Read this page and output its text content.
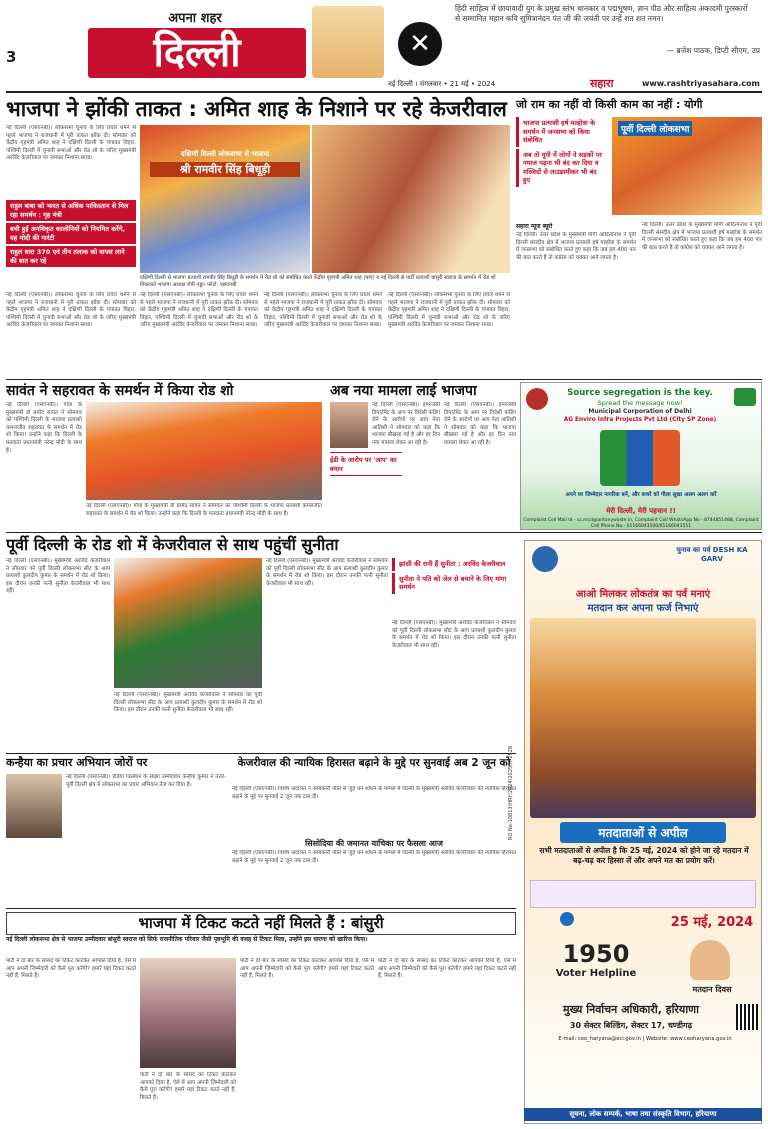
3
अपना शहर
दिल्ली	✕
हिंदी साहित्य में छायावादी युग के प्रमुख स्तंभ थानकार व पद्मभूषण, ज्ञान पीठ और साहित्य अकादमी पुरस्कारों से सम्मानित महान कवि सुमित्रानंदन पंत जी की जयंती पर उन्हें शत शत नमन।
— ब्रजेश पाठक, डिप्टी सीएम, उप्र
नई दिल्ली । मंगलवार • 21 मई • 2024	सहारा	www.rashtriyasahara.com
भाजपा ने झोंकी ताकत : अमित शाह के निशाने पर रहे केजरीवाल
नई दिल्ली (एसएनबी)। लोकसभा चुनाव के लिए प्रचार थमने से पहले भाजपा ने राजधानी में पूरी ताकत झोंक दी। सोमवार को केंद्रीय गृहमंत्री अमित शाह ने दक्षिणी दिल्ली के चंपावत विहार, पश्चिमी दिल्ली में चुनावी सभाओं और रोड शो के जरिए मुख्यमंत्री अरविंद केजरीवाल पर जमकर निशाना साधा।
राहुल बाबा को भारत से अधिक पाकिस्तान से मिल रहा समर्थन : गृह मंत्री
बची हुई अनधिकृत कालोनियों को नियमित करेंगे, यह मोदी की गारंटी
राहुल धारा 370 एवं तीन तलाक को वापस लाने की बात कर रहे
दक्षिणी दिल्ली लोकसभा से भाजपा
श्री रामवीर सिंह बिधूड़ी
दक्षिणी दिल्ली से भाजपा प्रत्याशी रामवीर सिंह बिधूड़ी के समर्थन में रोड शो को संबोधित करते केंद्रीय गृहमंत्री अमित शाह (बाएं) व नई दिल्ली से पार्टी प्रत्याशी बांसुरी स्वराज के समर्थन में रोड शो निकालते भाजपा अध्यक्ष जेपी नड्डा। फोटो: एसएनबी
नई दिल्ली (एसएनबी)। लोकसभा चुनाव के लिए प्रचार थमने से पहले भाजपा ने राजधानी में पूरी ताकत झोंक दी। सोमवार को केंद्रीय गृहमंत्री अमित शाह ने दक्षिणी दिल्ली के चंपावत विहार, पश्चिमी दिल्ली में चुनावी सभाओं और रोड शो के जरिए मुख्यमंत्री अरविंद केजरीवाल पर जमकर निशाना साधा।
नई दिल्ली (एसएनबी)। लोकसभा चुनाव के लिए प्रचार थमने से पहले भाजपा ने राजधानी में पूरी ताकत झोंक दी। सोमवार को केंद्रीय गृहमंत्री अमित शाह ने दक्षिणी दिल्ली के चंपावत विहार, पश्चिमी दिल्ली में चुनावी सभाओं और रोड शो के जरिए मुख्यमंत्री अरविंद केजरीवाल पर जमकर निशाना साधा।
नई दिल्ली (एसएनबी)। लोकसभा चुनाव के लिए प्रचार थमने से पहले भाजपा ने राजधानी में पूरी ताकत झोंक दी। सोमवार को केंद्रीय गृहमंत्री अमित शाह ने दक्षिणी दिल्ली के चंपावत विहार, पश्चिमी दिल्ली में चुनावी सभाओं और रोड शो के जरिए मुख्यमंत्री अरविंद केजरीवाल पर जमकर निशाना साधा।
नई दिल्ली (एसएनबी)। लोकसभा चुनाव के लिए प्रचार थमने से पहले भाजपा ने राजधानी में पूरी ताकत झोंक दी। सोमवार को केंद्रीय गृहमंत्री अमित शाह ने दक्षिणी दिल्ली के चंपावत विहार, पश्चिमी दिल्ली में चुनावी सभाओं और रोड शो के जरिए मुख्यमंत्री अरविंद केजरीवाल पर जमकर निशाना साधा।
जो राम का नहीं वो किसी काम का नहीं : योगी
भाजपा प्रत्याशी हर्ष मल्होत्रा के समर्थन में जनसभा को किया संबोधित
अब तो यूपी में लोगों ने सड़कों पर नमाज पढ़ना भी बंद कर दिया व मस्जिदों से लाउडस्पीकर भी बंद हुए
पूर्वी दिल्ली लोकसभा
सहारा न्यूज ब्यूरो
नई दिल्ली। उत्तर प्रदेश के मुख्यमंत्री योगी आदित्यनाथ ने पूर्वी दिल्ली संसदीय क्षेत्र में भाजपा प्रत्याशी हर्ष मल्होत्रा के समर्थन में जनसभा को संबोधित करते हुए कहा कि जब हम 400 पार की बात करते हैं तो कांग्रेस को चक्कर आने लगता है।
नई दिल्ली। उत्तर प्रदेश के मुख्यमंत्री योगी आदित्यनाथ ने पूर्वी दिल्ली संसदीय क्षेत्र में भाजपा प्रत्याशी हर्ष मल्होत्रा के समर्थन में जनसभा को संबोधित करते हुए कहा कि जब हम 400 पार की बात करते हैं तो कांग्रेस को चक्कर आने लगता है।
सावंत ने सहरावत के समर्थन में किया रोड शो
नई दिल्ली (एसएनबी)। गोवा के मुख्यमंत्री डॉ प्रमोद सावंत ने सोमवार को पश्चिमी दिल्ली के भाजपा प्रत्याशी कमलजीत सहरावत के समर्थन में रोड शो किया। उन्होंने कहा कि दिल्ली के मतदाता प्रधानमंत्री नरेन्द्र मोदी के साथ हैं।
नई दिल्ली (एसएनबी)। गोवा के मुख्यमंत्री डॉ प्रमोद सावंत ने सोमवार को पश्चिमी दिल्ली के भाजपा प्रत्याशी कमलजीत सहरावत के समर्थन में रोड शो किया। उन्होंने कहा कि दिल्ली के मतदाता प्रधानमंत्री नरेन्द्र मोदी के साथ हैं।
अब नया मामला लाई भाजपा
ईडी के आरोप पर 'आप' का बयान
नई दिल्ली (एसएनबी)। इमरजेंसी डिपार्टमेंट के आप पर विदेशी फंडिंग लेने के आरोपों पर आप नेता आतिशी ने सोमवार को कहा कि भाजपा बौखला गई है और हर दिन नया मामला लेकर आ रही है।
नई दिल्ली (एसएनबी)। इमरजेंसी डिपार्टमेंट के आप पर विदेशी फंडिंग लेने के आरोपों पर आप नेता आतिशी ने सोमवार को कहा कि भाजपा बौखला गई है और हर दिन नया मामला लेकर आ रही है।
Source segregation is the key.
Spread the message now!
Municipal Corporation of Delhi
AG Enviro Infra Projects Pvt Ltd (City SP Zone)
अपने घर जिम्मेदार नागरिक बनें, और कचरे को गीला सूखा अलग अलग करें
मेरी दिल्ली, मेरी पहचान !!
Complaint Cell Mail Id - cc.mcd@antonywaste.in, Complaint Cell WhatsApp No - 8744851488, Complaint Cell Phone No.- 01166043500/01166043551
पूर्वी दिल्ली के रोड शो में केजरीवाल से साथ पहुंचीं सुनीता
नई दिल्ली (एसएनबी)। मुख्यमंत्री अरविंद केजरीवाल ने सोमवार को पूर्वी दिल्ली लोकसभा सीट के आप प्रत्याशी कुलदीप कुमार के समर्थन में रोड शो किया। इस दौरान उनकी पत्नी सुनीता केजरीवाल भी साथ रहीं।
नई दिल्ली (एसएनबी)। मुख्यमंत्री अरविंद केजरीवाल ने सोमवार को पूर्वी दिल्ली लोकसभा सीट के आप प्रत्याशी कुलदीप कुमार के समर्थन में रोड शो किया। इस दौरान उनकी पत्नी सुनीता केजरीवाल भी साथ रहीं।
नई दिल्ली (एसएनबी)। मुख्यमंत्री अरविंद केजरीवाल ने सोमवार को पूर्वी दिल्ली लोकसभा सीट के आप प्रत्याशी कुलदीप कुमार के समर्थन में रोड शो किया। इस दौरान उनकी पत्नी सुनीता केजरीवाल भी साथ रहीं।
झांसी की रानी हैं सुनीता : अरविंद केजरीवाल
सुनीता ने पति को जेल से बचाने के लिए मांगा समर्थन
नई दिल्ली (एसएनबी)। मुख्यमंत्री अरविंद केजरीवाल ने सोमवार को पूर्वी दिल्ली लोकसभा सीट के आप प्रत्याशी कुलदीप कुमार के समर्थन में रोड शो किया। इस दौरान उनकी पत्नी सुनीता केजरीवाल भी साथ रहीं।
कन्हैया का प्रचार अभियान जोरों पर
नई दिल्ली (एसएनबी)। इंडिया गठबंधन के साझा उम्मीदवार कन्हैया कुमार ने उत्तर-पूर्वी दिल्ली क्षेत्र में लोकसभा का प्रचार अभियान तेज कर दिया है।
केजरीवाल की न्यायिक हिरासत बढ़ाने के मुद्दे पर सुनवाई अब 2 जून को
नई दिल्ली (एसएनबी)। विशेष अदालत ने आबकारी नीति से जुड़े धन शोधन के मामले में दिल्ली के मुख्यमंत्री अरविंद केजरीवाल की न्यायिक हिरासत बढ़ाने के मुद्दे पर सुनवाई 2 जून तक टाल दी।
सिसोदिया की जमानत याचिका पर फैसला आज
नई दिल्ली (एसएनबी)। विशेष अदालत ने आबकारी नीति से जुड़े धन शोधन के मामले में दिल्ली के मुख्यमंत्री अरविंद केजरीवाल की न्यायिक हिरासत बढ़ाने के मुद्दे पर सुनवाई 2 जून तक टाल दी।
भाजपा में टिकट कटते नहीं मिलते हैं : बांसुरी
नई दिल्ली लोकसभा क्षेत्र से भाजपा उम्मीदवार बांसुरी स्वराज को सिर्फ राजनीतिक परिवार जैसी पृष्ठभूमि की वजह से टिकट मिला, उन्होंने इस धारणा को खारिज किया।
पार्टी ने दो बार के सांसद का टिकट काटकर आपको दिया है, ऐसे में आप अपनी जिम्मेदारी को कैसे पूरा करेंगी? हमारे यहां टिकट कटते नहीं हैं, मिलते हैं।
पार्टी ने दो बार के सांसद का टिकट काटकर आपको दिया है, ऐसे में आप अपनी जिम्मेदारी को कैसे पूरा करेंगी? हमारे यहां टिकट कटते नहीं हैं, मिलते हैं।
पार्टी ने दो बार के सांसद का टिकट काटकर आपको दिया है, ऐसे में आप अपनी जिम्मेदारी को कैसे पूरा करेंगी? हमारे यहां टिकट कटते नहीं हैं, मिलते हैं।
पार्टी ने दो बार के सांसद का टिकट काटकर आपको दिया है, ऐसे में आप अपनी जिम्मेदारी को कैसे पूरा करेंगी? हमारे यहां टिकट कटते नहीं हैं, मिलते हैं।
RO No-10813/HRY/2024/2025/H-2528
चुनाव का पर्व DESH KA GARV
आओ मिलकर लोकतंत्र का पर्व मनाएं
मतदान कर अपना फर्ज निभाएं
मतदाताओं से अपील
सभी मतदाताओं से अपील है कि 25 मई, 2024 को होने जा रहे मतदान में बढ़-चढ़ कर हिस्सा लें और अपने मत का प्रयोग करें।
1950
Voter Helpline
25 मई, 2024
मतदान दिवस
मुख्य निर्वाचन अधिकारी, हरियाणा
30 सेक्टर बिल्डिंग, सेक्टर 17, चण्डीगढ़
E-mail: ceo_haryana@eci.gov.in | Website: www.ceoharyana.gov.in
सूचना, लोक सम्पर्क, भाषा तथा संस्कृति विभाग, हरियाणा
